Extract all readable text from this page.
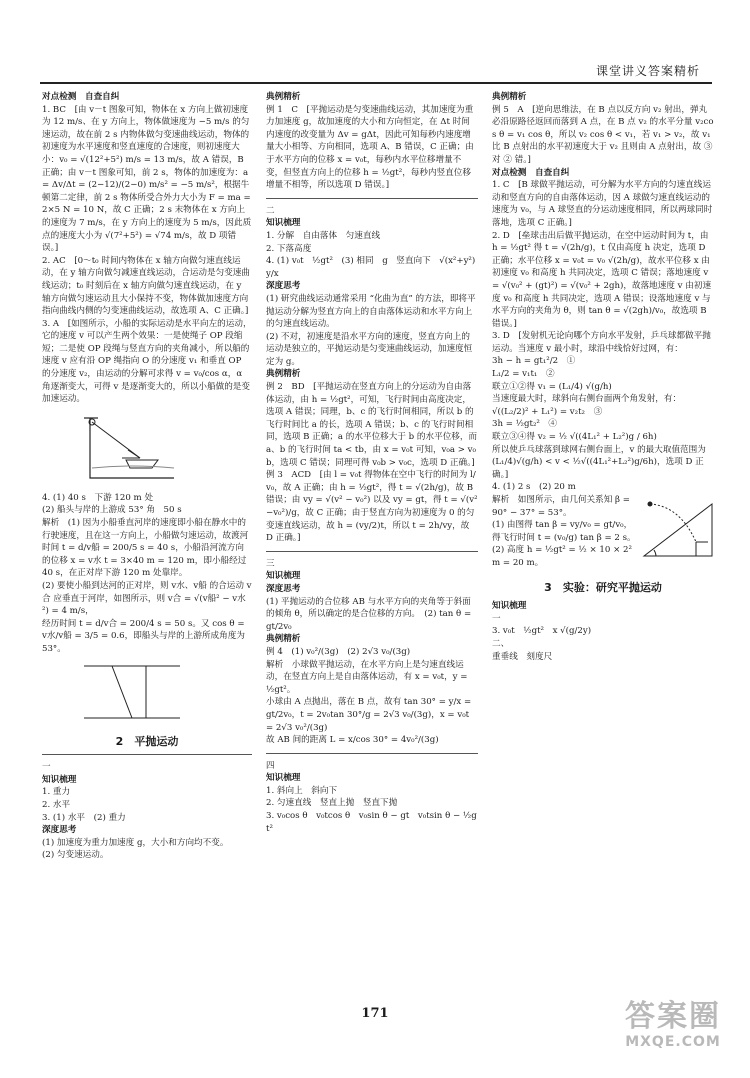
课堂讲义答案精析

对点检测　自查自纠

1. BC　[由 v－t 图象可知，物体在 x 方向上做初速度为 12 m/s、在 y 方向上，物体做速度为 −5 m/s 的匀速运动，故在前 2 s 内物体做匀变速曲线运动，物体的初速度为水平速度和竖直速度的合速度，则初速度大小：v₀ = √(12²+5²) m/s = 13 m/s，故 A 错误，B 正确；由 v－t 图象可知，前 2 s，物体的加速度为：a = Δv/Δt = (2−12)/(2−0) m/s² = −5 m/s²，根据牛顿第二定律，前 2 s 物体所受合外力大小为 F = ma = 2×5 N = 10 N，故 C 正确；2 s 末物体在 x 方向上的速度为 7 m/s，在 y 方向上的速度为 5 m/s，因此质点的速度大小为 √(7²+5²) = √74 m/s，故 D 项错误。]

2. AC　[0～t₀ 时间内物体在 x 轴方向做匀速直线运动，在 y 轴方向做匀减速直线运动，合运动是匀变速曲线运动；t₀ 时刻后在 x 轴方向做匀速直线运动，在 y 轴方向做匀速运动且大小保持不变，物体做加速度方向指向曲线内侧的匀变速曲线运动，故选项 A、C 正确。]

3. A　[如图所示，小船的实际运动是水平向左的运动，它的速度 v 可以产生两个效果：一是使绳子 OP 段缩短；二是使 OP 段绳与竖直方向的夹角减小，所以船的速度 v 应有沿 OP 绳指向 O 的分速度 v₁ 和垂直 OP 的分速度 v₂，由运动的分解可求得 v = v₀/cos α，α 角逐渐变大，可得 v 是逐渐变大的，所以小船做的是变加速运动。

4. (1) 40 s　下游 120 m 处

(2) 船头与岸的上游成 53° 角　50 s

解析　(1) 因为小船垂直河岸的速度即小船在静水中的行驶速度，且在这一方向上，小船做匀速运动，故渡河时间 t = d/v船 = 200/5 s = 40 s，小船沿河流方向的位移 x = v水 t = 3×40 m = 120 m，即小船经过 40 s，在正对岸下游 120 m 处靠岸。

(2) 要使小船到达河的正对岸，则 v水、v船 的合运动 v合 应垂直于河岸，如图所示，则 v合 = √(v船² − v水²) = 4 m/s，

经历时间 t = d/v合 = 200/4 s = 50 s。又 cos θ = v水/v船 = 3/5 = 0.6，即船头与岸的上游所成角度为 53°。

2　平抛运动

一

知识梳理

1. 重力

2. 水平

3. (1) 水平　(2) 重力

深度思考

(1) 加速度为重力加速度 g，大小和方向均不变。

(2) 匀变速运动。

典例精析

例 1　C　[平抛运动是匀变速曲线运动，其加速度为重力加速度 g，故加速度的大小和方向恒定，在 Δt 时间内速度的改变量为 Δv = gΔt，因此可知每秒内速度增量大小相等、方向相同，选项 A、B 错误，C 正确；由于水平方向的位移 x = v₀t，每秒内水平位移增量不变，但竖直方向上的位移 h = ½gt²，每秒内竖直位移增量不相等，所以选项 D 错误。]

二

知识梳理

1. 分解　自由落体　匀速直线

2. 下落高度

4. (1) v₀t　½gt²　(3) 相同　g　竖直向下　√(x²+y²)　y/x

深度思考

(1) 研究曲线运动通常采用 “化曲为直” 的方法，即将平抛运动分解为竖直方向上的自由落体运动和水平方向上的匀速直线运动。

(2) 不对，初速度是沿水平方向的速度，竖直方向上的运动是独立的，平抛运动是匀变速曲线运动，加速度恒定为 g。

典例精析

例 2　BD　[平抛运动在竖直方向上的分运动为自由落体运动，由 h = ½gt²，可知，飞行时间由高度决定，选项 A 错误；同理，b、c 的飞行时间相同，所以 b 的飞行时间比 a 的长，选项 A 错误；b、c 的飞行时间相同，选项 B 正确；a 的水平位移大于 b 的水平位移，而 a、b 的飞行时间 ta < tb，由 x = v₀t 可知，v₀a > v₀b，选项 C 错误；同理可得 v₀b > v₀c，选项 D 正确。]

例 3　ACD　[由 l = v₀t 得物体在空中飞行的时间为 l/v₀，故 A 正确；由 h = ½gt²，得 t = √(2h/g)，故 B 错误；由 vy = √(v² − v₀²) 以及 vy = gt，得 t = √(v²−v₀²)/g，故 C 正确；由于竖直方向为初速度为 0 的匀变速直线运动，故 h = (vy/2)t，所以 t = 2h/vy，故 D 正确。]

三

知识梳理

深度思考

(1) 平抛运动的合位移 AB 与水平方向的夹角等于斜面的倾角 θ，所以确定的是合位移的方向。　(2) tan θ = gt/2v₀

典例精析

例 4　(1) v₀²/(3g)　(2) 2√3 v₀/(3g)

解析　小球做平抛运动，在水平方向上是匀速直线运动，在竖直方向上是自由落体运动，有 x = v₀t，y = ½gt²。

小球由 A 点抛出，落在 B 点，故有 tan 30° = y/x = gt/2v₀，t = 2v₀tan 30°/g = 2√3 v₀/(3g)，x = v₀t = 2√3 v₀²/(3g)

故 AB 间的距离 L = x/cos 30° = 4v₀²/(3g)

四

知识梳理

1. 斜向上　斜向下

2. 匀速直线　竖直上抛　竖直下抛

3. v₀cos θ　v₀tcos θ　v₀sin θ − gt　v₀tsin θ − ½gt²

典例精析

例 5　A　[逆向思维法，在 B 点以反方向 v₂ 射出，弹丸必沿原路径返回而落到 A 点，在 B 点 v₂ 的水平分量 v₂cos θ = v₁ cos θ，所以 v₂ cos θ < v₁，若 v₁ > v₂，故 v₁ 比 B 点射出的水平初速度大于 v₂ 且则由 A 点射出，故 ③ 对 ② 错。]

对点检测　自查自纠

1. C　[B 球做平抛运动，可分解为水平方向的匀速直线运动和竖直方向的自由落体运动，因 A 球做匀速直线运动的速度为 v₀，与 A 球竖直的分运动速度相同，所以两球同时落地，选项 C 正确。]

2. D　[垒球击出后做平抛运动，在空中运动时间为 t，由 h = ½gt² 得 t = √(2h/g)，t 仅由高度 h 决定，选项 D 正确；水平位移 x = v₀t = v₀ √(2h/g)，故水平位移 x 由初速度 v₀ 和高度 h 共同决定，选项 C 错误；落地速度 v = √(v₀² + (gt)²) = √(v₀² + 2gh)，故落地速度 v 由初速度 v₀ 和高度 h 共同决定，选项 A 错误；设落地速度 v 与水平方向的夹角为 θ，则 tan θ = √(2gh)/v₀，故选项 B 错误。]

3. D　[发射机无论向哪个方向水平发射，乒乓球都做平抛运动。当速度 v 最小时，球沿中线恰好过网，有：

3h − h = gt₁²/2　①

L₁/2 = v₁t₁　②

联立①②得 v₁ = (L₁/4) √(g/h)

当速度最大时，球斜向右侧台面两个角发射，有：

√((L₂/2)² + L₁²) = v₂t₂　③

3h = ½gt₂²　④

联立③④得 v₂ = ½ √((4L₁² + L₂²)g / 6h)

所以使乒乓球落到球网右侧台面上，v 的最大取值范围为 (L₁/4)√(g/h) < v < ½√((4L₁²+L₂²)g/6h)，选项 D 正确。]

4. (1) 2 s　(2) 20 m

解析　如图所示，由几何关系知 β = 90° − 37° = 53°。

(1) 由图得 tan β = vy/v₀ = gt/v₀，得飞行时间 t = (v₀/g) tan β = 2 s。

(2) 高度 h = ½gt² = ½ × 10 × 2² m = 20 m。

3　实验：研究平抛运动

知识梳理

一

3. v₀t　½gt²　x √(g/2y)

二、

重垂线　刻度尺

171	答案圈
MXQE.COM
